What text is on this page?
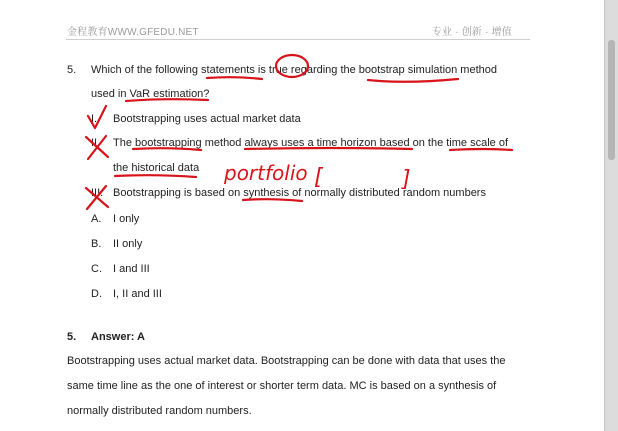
金程教育WWW.GFEDU.NET	专业 · 创新 · 增值
5. Which of the following statements is true regarding the bootstrap simulation method
used in VaR estimation?
I. Bootstrapping uses actual market data
II. The bootstrapping method always uses a time horizon based on the time scale of
the historical data
III. Bootstrapping is based on synthesis of normally distributed random numbers
A. I only
B. II only
C. I and III
D. I, II and III
5. Answer: A
Bootstrapping uses actual market data. Bootstrapping can be done with data that uses the
same time line as the one of interest or shorter term data. MC is based on a synthesis of
normally distributed random numbers.
portfolio [	]
